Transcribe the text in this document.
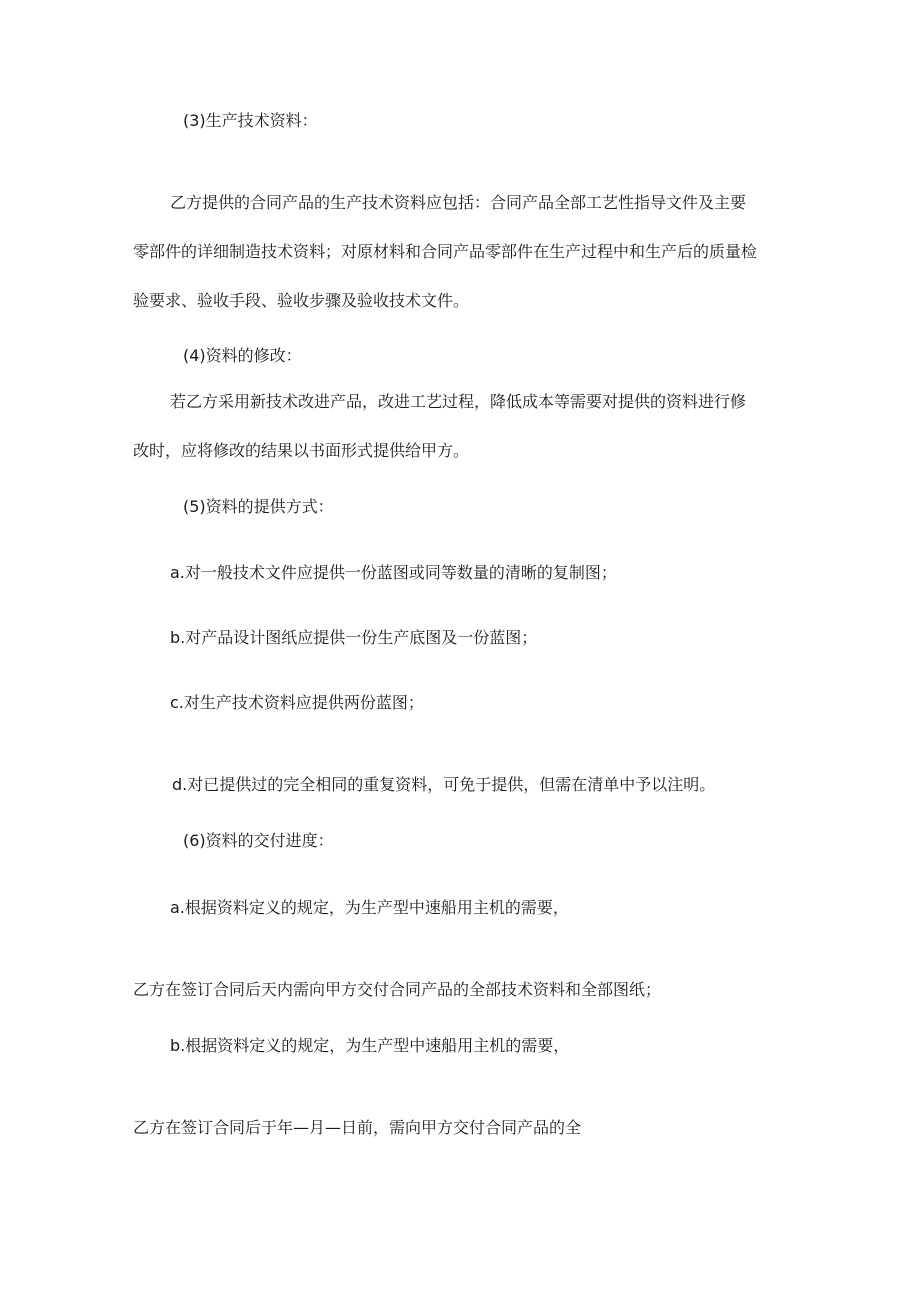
(3)生产技术资料：

乙方提供的合同产品的生产技术资料应包括：合同产品全部工艺性指导文件及主要

零部件的详细制造技术资料；对原材料和合同产品零部件在生产过程中和生产后的质量检

验要求、验收手段、验收步骤及验收技术文件。

(4)资料的修改：

若乙方采用新技术改进产品，改进工艺过程，降低成本等需要对提供的资料进行修

改时，应将修改的结果以书面形式提供给甲方。

(5)资料的提供方式：

a.对一般技术文件应提供一份蓝图或同等数量的清晰的复制图；

b.对产品设计图纸应提供一份生产底图及一份蓝图；

c.对生产技术资料应提供两份蓝图；

d.对已提供过的完全相同的重复资料，可免于提供，但需在清单中予以注明。

(6)资料的交付进度：

a.根据资料定义的规定，为生产型中速船用主机的需要，

乙方在签订合同后天内需向甲方交付合同产品的全部技术资料和全部图纸；

b.根据资料定义的规定，为生产型中速船用主机的需要，

乙方在签订合同后于年—月—日前，需向甲方交付合同产品的全
